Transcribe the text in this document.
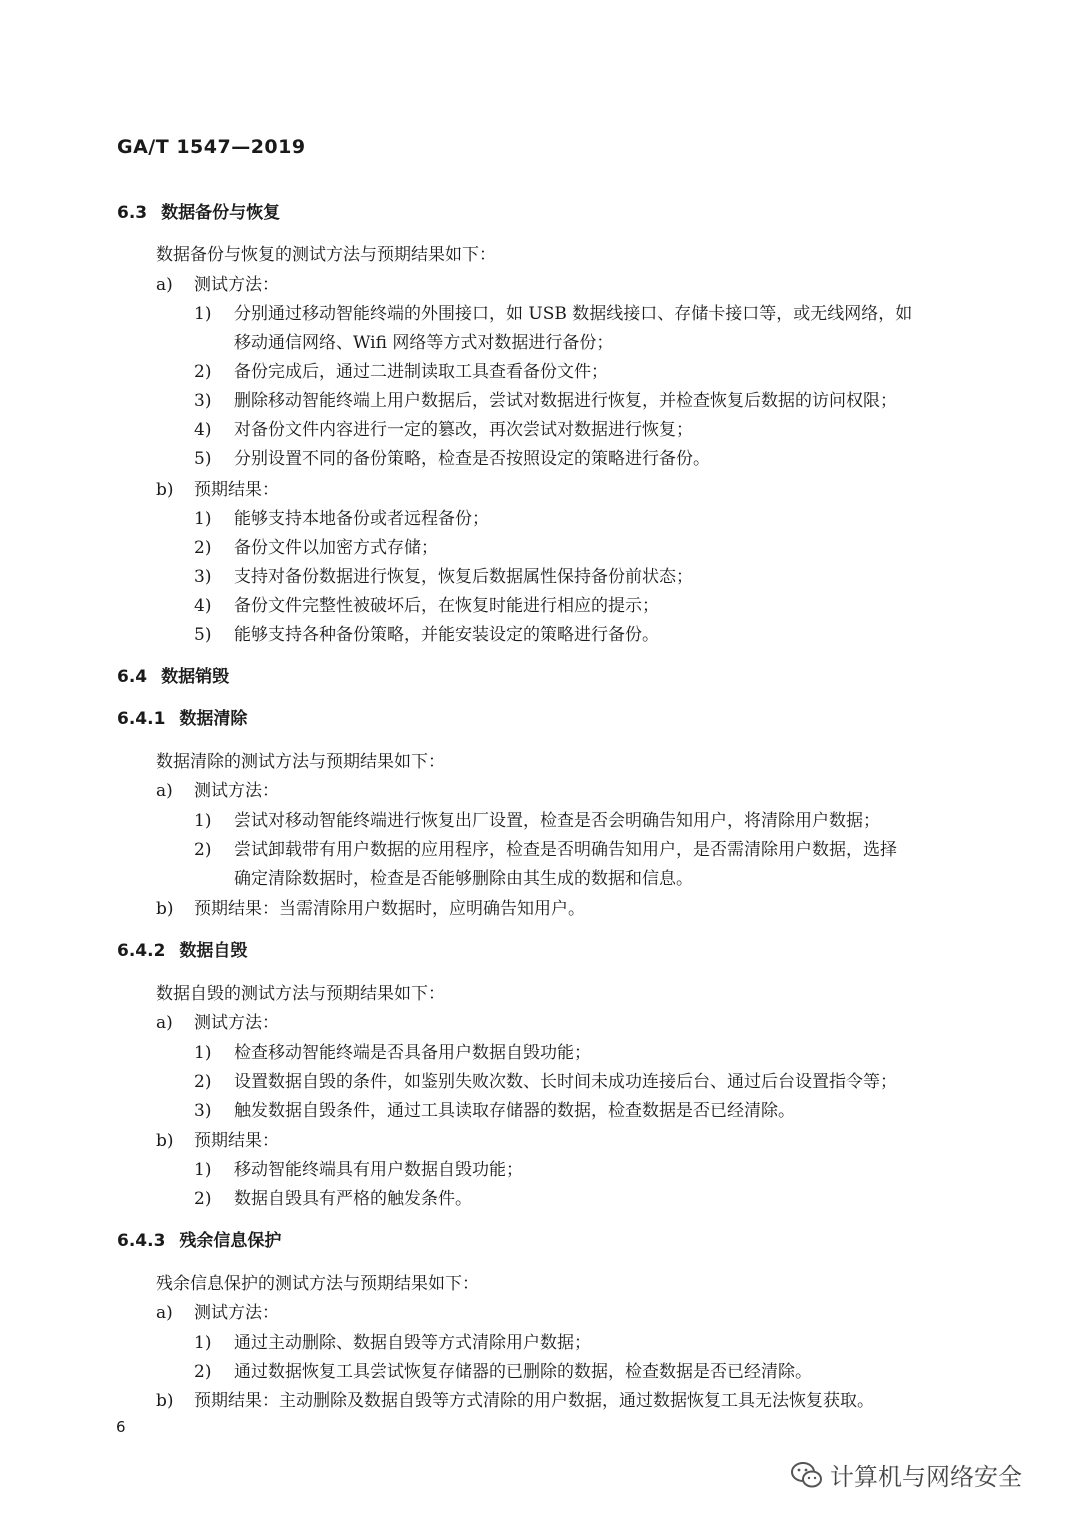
GA/T 1547—2019
6.3 数据备份与恢复
数据备份与恢复的测试方法与预期结果如下：
a) 测试方法：
1) 分别通过移动智能终端的外围接口，如 USB 数据线接口、存储卡接口等，或无线网络，如
移动通信网络、Wifi 网络等方式对数据进行备份；
2) 备份完成后，通过二进制读取工具查看备份文件；
3) 删除移动智能终端上用户数据后，尝试对数据进行恢复，并检查恢复后数据的访问权限；
4) 对备份文件内容进行一定的篡改，再次尝试对数据进行恢复；
5) 分别设置不同的备份策略，检查是否按照设定的策略进行备份。
b) 预期结果：
1) 能够支持本地备份或者远程备份；
2) 备份文件以加密方式存储；
3) 支持对备份数据进行恢复，恢复后数据属性保持备份前状态；
4) 备份文件完整性被破坏后，在恢复时能进行相应的提示；
5) 能够支持各种备份策略，并能安装设定的策略进行备份。
6.4 数据销毁
6.4.1 数据清除
数据清除的测试方法与预期结果如下：
a) 测试方法：
1) 尝试对移动智能终端进行恢复出厂设置，检查是否会明确告知用户，将清除用户数据；
2) 尝试卸载带有用户数据的应用程序，检查是否明确告知用户，是否需清除用户数据，选择
确定清除数据时，检查是否能够删除由其生成的数据和信息。
b) 预期结果：当需清除用户数据时，应明确告知用户。
6.4.2 数据自毁
数据自毁的测试方法与预期结果如下：
a) 测试方法：
1) 检查移动智能终端是否具备用户数据自毁功能；
2) 设置数据自毁的条件，如鉴别失败次数、长时间未成功连接后台、通过后台设置指令等；
3) 触发数据自毁条件，通过工具读取存储器的数据，检查数据是否已经清除。
b) 预期结果：
1) 移动智能终端具有用户数据自毁功能；
2) 数据自毁具有严格的触发条件。
6.4.3 残余信息保护
残余信息保护的测试方法与预期结果如下：
a) 测试方法：
1) 通过主动删除、数据自毁等方式清除用户数据；
2) 通过数据恢复工具尝试恢复存储器的已删除的数据，检查数据是否已经清除。
b) 预期结果：主动删除及数据自毁等方式清除的用户数据，通过数据恢复工具无法恢复获取。
6
计算机与网络安全
